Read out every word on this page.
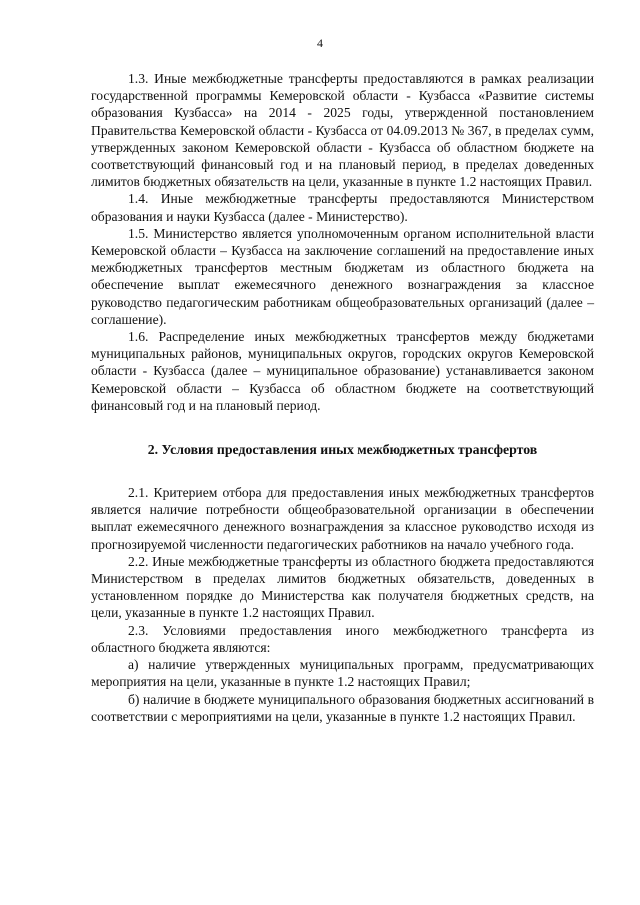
4

1.3. Иные межбюджетные трансферты предоставляются в рамках реализации государственной программы Кемеровской области - Кузбасса «Развитие системы образования Кузбасса» на 2014 - 2025 годы, утвержденной постановлением Правительства Кемеровской области - Кузбасса от 04.09.2013 № 367, в пределах сумм, утвержденных законом Кемеровской области - Кузбасса об областном бюджете на соответствующий финансовый год и на плановый период, в пределах доведенных лимитов бюджетных обязательств на цели, указанные в пункте 1.2 настоящих Правил.

1.4. Иные межбюджетные трансферты предоставляются Министерством образования и науки Кузбасса (далее - Министерство).

1.5. Министерство является уполномоченным органом исполнительной власти Кемеровской области – Кузбасса на заключение соглашений на предоставление иных межбюджетных трансфертов местным бюджетам из областного бюджета на обеспечение выплат ежемесячного денежного вознаграждения за классное руководство педагогическим работникам общеобразовательных организаций (далее – соглашение).

1.6. Распределение иных межбюджетных трансфертов между бюджетами муниципальных районов, муниципальных округов, городских округов Кемеровской области - Кузбасса (далее – муниципальное образование) устанавливается законом Кемеровской области – Кузбасса об областном бюджете на соответствующий финансовый год и на плановый период.

2. Условия предоставления иных межбюджетных трансфертов

2.1. Критерием отбора для предоставления иных межбюджетных трансфертов является наличие потребности общеобразовательной организации в обеспечении выплат ежемесячного денежного вознаграждения за классное руководство исходя из прогнозируемой численности педагогических работников на начало учебного года.

2.2. Иные межбюджетные трансферты из областного бюджета предоставляются Министерством в пределах лимитов бюджетных обязательств, доведенных в установленном порядке до Министерства как получателя бюджетных средств, на цели, указанные в пункте 1.2 настоящих Правил.

2.3. Условиями предоставления иного межбюджетного трансферта из областного бюджета являются:

а) наличие утвержденных муниципальных программ, предусматривающих мероприятия на цели, указанные в пункте 1.2 настоящих Правил;

б) наличие в бюджете муниципального образования бюджетных ассигнований в соответствии с мероприятиями на цели, указанные в пункте 1.2 настоящих Правил.
